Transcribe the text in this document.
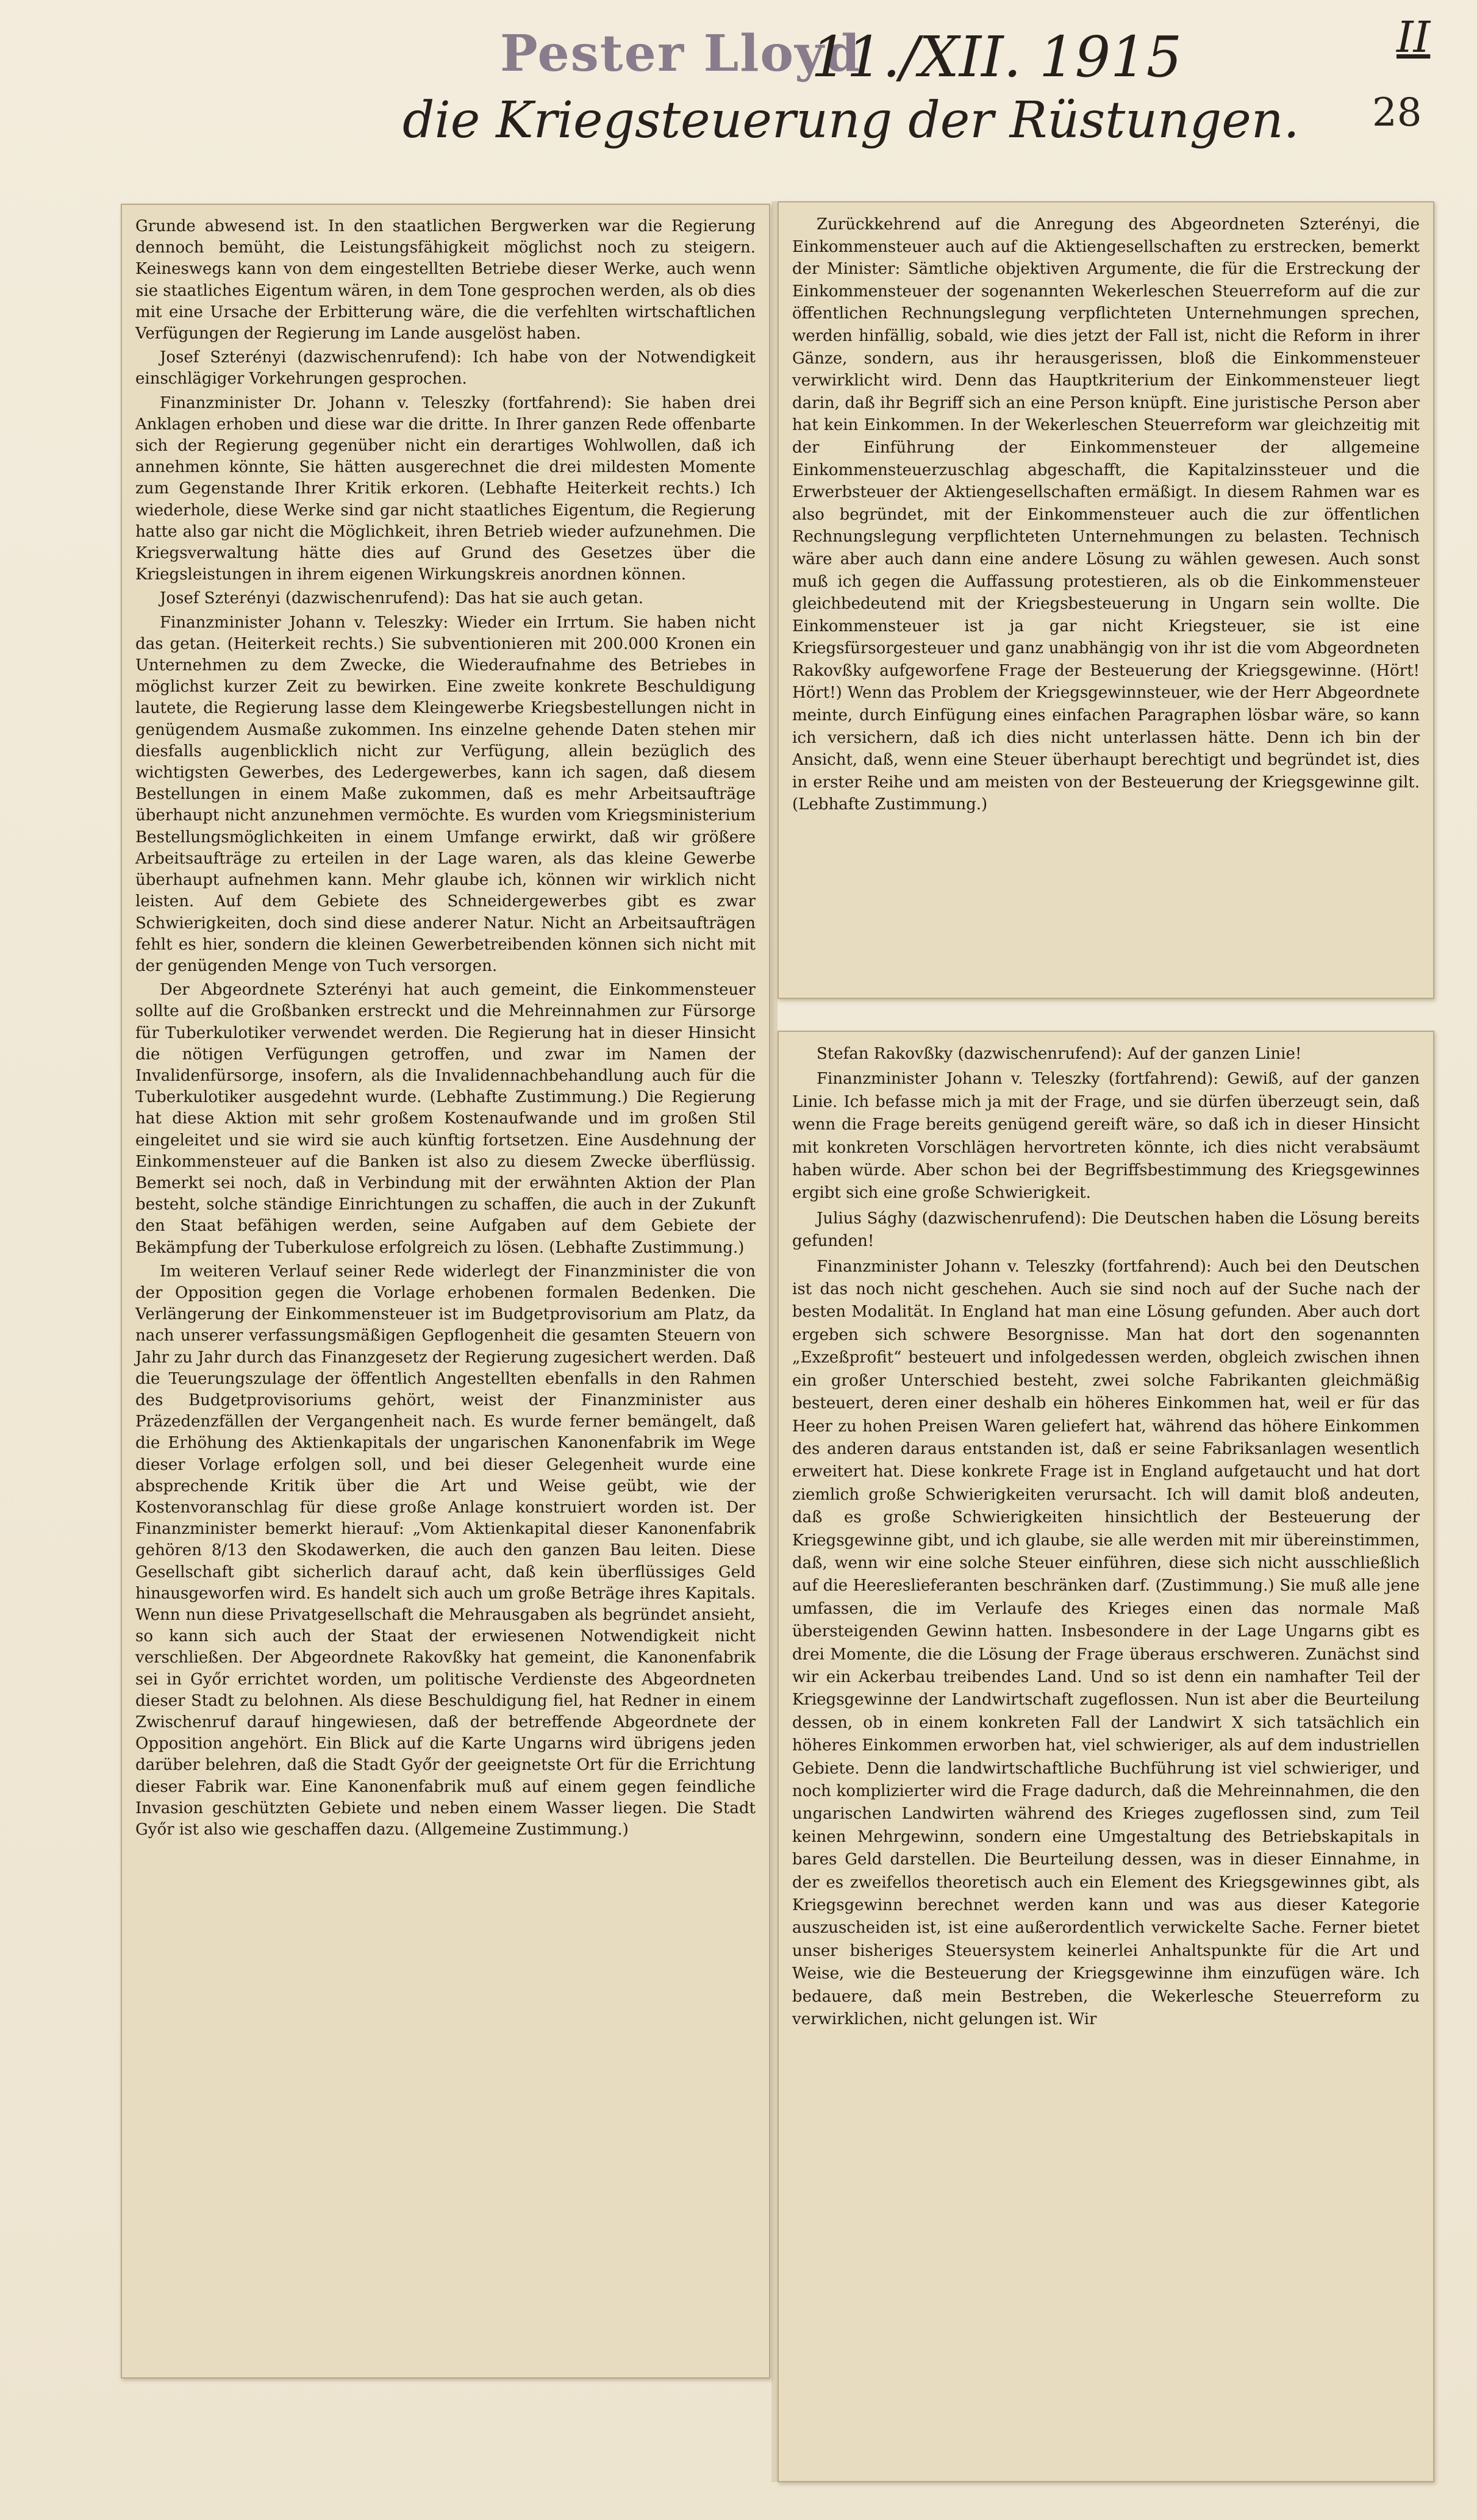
Pester Lloyd
11./XII. 1915	II
die Kriegsteuerung der Rüstungen. 28

Grunde abwesend ist. In den staatlichen Bergwerken war die Regierung dennoch bemüht, die Leistungsfähigkeit möglichst noch zu steigern. Keineswegs kann von dem eingestellten Betriebe dieser Werke, auch wenn sie staatliches Eigentum wären, in dem Tone gesprochen werden, als ob dies mit eine Ursache der Erbitterung wäre, die die verfehlten wirtschaftlichen Verfügungen der Regierung im Lande ausgelöst haben.

Josef Szterényi (dazwischenrufend): Ich habe von der Notwendigkeit einschlägiger Vorkehrungen gesprochen.

Finanzminister Dr. Johann v. Teleszky (fortfahrend): Sie haben drei Anklagen erhoben und diese war die dritte. In Ihrer ganzen Rede offenbarte sich der Regierung gegenüber nicht ein derartiges Wohlwollen, daß ich annehmen könnte, Sie hätten ausgerechnet die drei mildesten Momente zum Gegenstande Ihrer Kritik erkoren. (Lebhafte Heiterkeit rechts.) Ich wiederhole, diese Werke sind gar nicht staatliches Eigentum, die Regierung hatte also gar nicht die Möglichkeit, ihren Betrieb wieder aufzunehmen. Die Kriegsverwaltung hätte dies auf Grund des Gesetzes über die Kriegsleistungen in ihrem eigenen Wirkungskreis anordnen können.

Josef Szterényi (dazwischenrufend): Das hat sie auch getan.

Finanzminister Johann v. Teleszky: Wieder ein Irrtum. Sie haben nicht das getan. (Heiterkeit rechts.) Sie subventionieren mit 200.000 Kronen ein Unternehmen zu dem Zwecke, die Wiederaufnahme des Betriebes in möglichst kurzer Zeit zu bewirken. Eine zweite konkrete Beschuldigung lautete, die Regierung lasse dem Kleingewerbe Kriegsbestellungen nicht in genügendem Ausmaße zukommen. Ins einzelne gehende Daten stehen mir diesfalls augenblicklich nicht zur Verfügung, allein bezüglich des wichtigsten Gewerbes, des Ledergewerbes, kann ich sagen, daß diesem Bestellungen in einem Maße zukommen, daß es mehr Arbeitsaufträge überhaupt nicht anzunehmen vermöchte. Es wurden vom Kriegsministerium Bestellungsmöglichkeiten in einem Umfange erwirkt, daß wir größere Arbeitsaufträge zu erteilen in der Lage waren, als das kleine Gewerbe überhaupt aufnehmen kann. Mehr glaube ich, können wir wirklich nicht leisten. Auf dem Gebiete des Schneidergewerbes gibt es zwar Schwierigkeiten, doch sind diese anderer Natur. Nicht an Arbeitsaufträgen fehlt es hier, sondern die kleinen Gewerbetreibenden können sich nicht mit der genügenden Menge von Tuch versorgen.

Der Abgeordnete Szterényi hat auch gemeint, die Einkommensteuer sollte auf die Großbanken erstreckt und die Mehreinnahmen zur Fürsorge für Tuberkulotiker verwendet werden. Die Regierung hat in dieser Hinsicht die nötigen Verfügungen getroffen, und zwar im Namen der Invalidenfürsorge, insofern, als die Invalidennachbehandlung auch für die Tuberkulotiker ausgedehnt wurde. (Lebhafte Zustimmung.) Die Regierung hat diese Aktion mit sehr großem Kostenaufwande und im großen Stil eingeleitet und sie wird sie auch künftig fortsetzen. Eine Ausdehnung der Einkommensteuer auf die Banken ist also zu diesem Zwecke überflüssig. Bemerkt sei noch, daß in Verbindung mit der erwähnten Aktion der Plan besteht, solche ständige Einrichtungen zu schaffen, die auch in der Zukunft den Staat befähigen werden, seine Aufgaben auf dem Gebiete der Bekämpfung der Tuberkulose erfolgreich zu lösen. (Lebhafte Zustimmung.)

Im weiteren Verlauf seiner Rede widerlegt der Finanzminister die von der Opposition gegen die Vorlage erhobenen formalen Bedenken. Die Verlängerung der Einkommensteuer ist im Budgetprovisorium am Platz, da nach unserer verfassungsmäßigen Gepflogenheit die gesamten Steuern von Jahr zu Jahr durch das Finanzgesetz der Regierung zugesichert werden. Daß die Teuerungszulage der öffentlich Angestellten ebenfalls in den Rahmen des Budgetprovisoriums gehört, weist der Finanzminister aus Präzedenzfällen der Vergangenheit nach. Es wurde ferner bemängelt, daß die Erhöhung des Aktienkapitals der ungarischen Kanonenfabrik im Wege dieser Vorlage erfolgen soll, und bei dieser Gelegenheit wurde eine absprechende Kritik über die Art und Weise geübt, wie der Kostenvoranschlag für diese große Anlage konstruiert worden ist. Der Finanzminister bemerkt hierauf: „Vom Aktienkapital dieser Kanonenfabrik gehören 8/13 den Skodawerken, die auch den ganzen Bau leiten. Diese Gesellschaft gibt sicherlich darauf acht, daß kein überflüssiges Geld hinausgeworfen wird. Es handelt sich auch um große Beträge ihres Kapitals. Wenn nun diese Privatgesellschaft die Mehrausgaben als begründet ansieht, so kann sich auch der Staat der erwiesenen Notwendigkeit nicht verschließen. Der Abgeordnete Rakovßky hat gemeint, die Kanonenfabrik sei in Győr errichtet worden, um politische Verdienste des Abgeordneten dieser Stadt zu belohnen. Als diese Beschuldigung fiel, hat Redner in einem Zwischenruf darauf hingewiesen, daß der betreffende Abgeordnete der Opposition angehört. Ein Blick auf die Karte Ungarns wird übrigens jeden darüber belehren, daß die Stadt Győr der geeignetste Ort für die Errichtung dieser Fabrik war. Eine Kanonenfabrik muß auf einem gegen feindliche Invasion geschützten Gebiete und neben einem Wasser liegen. Die Stadt Győr ist also wie geschaffen dazu. (Allgemeine Zustimmung.)

Zurückkehrend auf die Anregung des Abgeordneten Szterényi, die Einkommensteuer auch auf die Aktiengesellschaften zu erstrecken, bemerkt der Minister: Sämtliche objektiven Argumente, die für die Erstreckung der Einkommensteuer der sogenannten Wekerleschen Steuerreform auf die zur öffentlichen Rechnungslegung verpflichteten Unternehmungen sprechen, werden hinfällig, sobald, wie dies jetzt der Fall ist, nicht die Reform in ihrer Gänze, sondern, aus ihr herausgerissen, bloß die Einkommensteuer verwirklicht wird. Denn das Hauptkriterium der Einkommensteuer liegt darin, daß ihr Begriff sich an eine Person knüpft. Eine juristische Person aber hat kein Einkommen. In der Wekerleschen Steuerreform war gleichzeitig mit der Einführung der Einkommensteuer der allgemeine Einkommensteuerzuschlag abgeschafft, die Kapitalzinssteuer und die Erwerbsteuer der Aktiengesellschaften ermäßigt. In diesem Rahmen war es also begründet, mit der Einkommensteuer auch die zur öffentlichen Rechnungslegung verpflichteten Unternehmungen zu belasten. Technisch wäre aber auch dann eine andere Lösung zu wählen gewesen. Auch sonst muß ich gegen die Auffassung protestieren, als ob die Einkommensteuer gleichbedeutend mit der Kriegsbesteuerung in Ungarn sein wollte. Die Einkommensteuer ist ja gar nicht Kriegsteuer, sie ist eine Kriegsfürsorgesteuer und ganz unabhängig von ihr ist die vom Abgeordneten Rakovßky aufgeworfene Frage der Besteuerung der Kriegsgewinne. (Hört! Hört!) Wenn das Problem der Kriegsgewinnsteuer, wie der Herr Abgeordnete meinte, durch Einfügung eines einfachen Paragraphen lösbar wäre, so kann ich versichern, daß ich dies nicht unterlassen hätte. Denn ich bin der Ansicht, daß, wenn eine Steuer überhaupt berechtigt und begründet ist, dies in erster Reihe und am meisten von der Besteuerung der Kriegsgewinne gilt. (Lebhafte Zustimmung.)

Stefan Rakovßky (dazwischenrufend): Auf der ganzen Linie!

Finanzminister Johann v. Teleszky (fortfahrend): Gewiß, auf der ganzen Linie. Ich befasse mich ja mit der Frage, und sie dürfen überzeugt sein, daß wenn die Frage bereits genügend gereift wäre, so daß ich in dieser Hinsicht mit konkreten Vorschlägen hervortreten könnte, ich dies nicht verabsäumt haben würde. Aber schon bei der Begriffsbestimmung des Kriegsgewinnes ergibt sich eine große Schwierigkeit.

Julius Sághy (dazwischenrufend): Die Deutschen haben die Lösung bereits gefunden!

Finanzminister Johann v. Teleszky (fortfahrend): Auch bei den Deutschen ist das noch nicht geschehen. Auch sie sind noch auf der Suche nach der besten Modalität. In England hat man eine Lösung gefunden. Aber auch dort ergeben sich schwere Besorgnisse. Man hat dort den sogenannten „Exzeßprofit“ besteuert und infolgedessen werden, obgleich zwischen ihnen ein großer Unterschied besteht, zwei solche Fabrikanten gleichmäßig besteuert, deren einer deshalb ein höheres Einkommen hat, weil er für das Heer zu hohen Preisen Waren geliefert hat, während das höhere Einkommen des anderen daraus entstanden ist, daß er seine Fabriksanlagen wesentlich erweitert hat. Diese konkrete Frage ist in England aufgetaucht und hat dort ziemlich große Schwierigkeiten verursacht. Ich will damit bloß andeuten, daß es große Schwierigkeiten hinsichtlich der Besteuerung der Kriegsgewinne gibt, und ich glaube, sie alle werden mit mir übereinstimmen, daß, wenn wir eine solche Steuer einführen, diese sich nicht ausschließlich auf die Heereslieferanten beschränken darf. (Zustimmung.) Sie muß alle jene umfassen, die im Verlaufe des Krieges einen das normale Maß übersteigenden Gewinn hatten. Insbesondere in der Lage Ungarns gibt es drei Momente, die die Lösung der Frage überaus erschweren. Zunächst sind wir ein Ackerbau treibendes Land. Und so ist denn ein namhafter Teil der Kriegsgewinne der Landwirtschaft zugeflossen. Nun ist aber die Beurteilung dessen, ob in einem konkreten Fall der Landwirt X sich tatsächlich ein höheres Einkommen erworben hat, viel schwieriger, als auf dem industriellen Gebiete. Denn die landwirtschaftliche Buchführung ist viel schwieriger, und noch komplizierter wird die Frage dadurch, daß die Mehreinnahmen, die den ungarischen Landwirten während des Krieges zugeflossen sind, zum Teil keinen Mehrgewinn, sondern eine Umgestaltung des Betriebskapitals in bares Geld darstellen. Die Beurteilung dessen, was in dieser Einnahme, in der es zweifellos theoretisch auch ein Element des Kriegsgewinnes gibt, als Kriegsgewinn berechnet werden kann und was aus dieser Kategorie auszuscheiden ist, ist eine außerordentlich verwickelte Sache. Ferner bietet unser bisheriges Steuersystem keinerlei Anhaltspunkte für die Art und Weise, wie die Besteuerung der Kriegsgewinne ihm einzufügen wäre. Ich bedauere, daß mein Bestreben, die Wekerlesche Steuerreform zu verwirklichen, nicht gelungen ist. Wir
